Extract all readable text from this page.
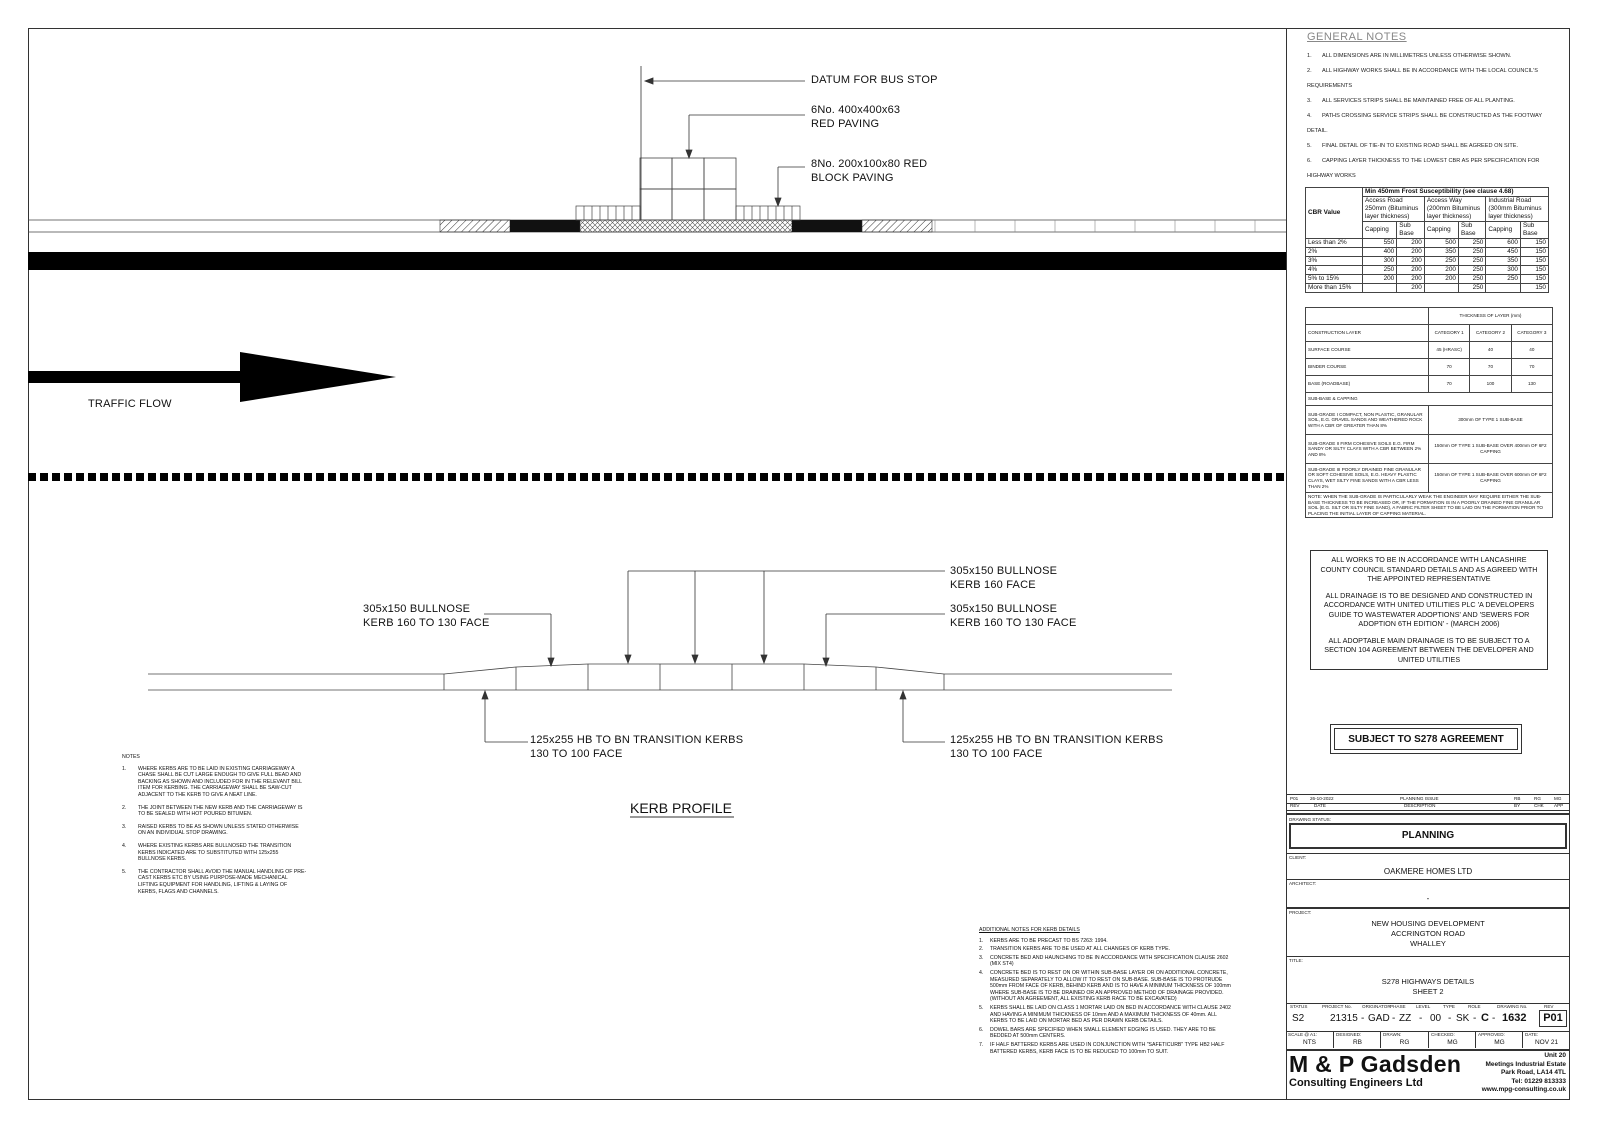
DATUM FOR BUS STOP
6No. 400x400x63
RED PAVING
8No. 200x100x80 RED
BLOCK PAVING
TRAFFIC FLOW
305x150 BULLNOSE
KERB 160 FACE
305x150 BULLNOSE
KERB 160 TO 130 FACE
305x150 BULLNOSE
KERB 160 TO 130 FACE
125x255 HB TO BN TRANSITION KERBS
130 TO 100 FACE
125x255 HB TO BN TRANSITION KERBS
130 TO 100 FACE
KERB PROFILE
NOTES
1.	WHERE KERBS ARE TO BE LAID IN EXISTING CARRIAGEWAY A CHASE SHALL BE CUT LARGE ENOUGH TO GIVE FULL BEAD AND BACKING AS SHOWN AND INCLUDED FOR IN THE RELEVANT BILL ITEM FOR KERBING. THE CARRIAGEWAY SHALL BE SAW-CUT ADJACENT TO THE KERB TO GIVE A NEAT LINE.
2.	THE JOINT BETWEEN THE NEW KERB AND THE CARRIAGEWAY IS TO BE SEALED WITH HOT POURED BITUMEN.
3.	RAISED KERBS TO BE AS SHOWN UNLESS STATED OTHERWISE ON AN INDIVIDUAL STOP DRAWING.
4.	WHERE EXISTING KERBS ARE BULLNOSED THE TRANSITION KERBS INDICATED ARE TO SUBSTITUTED WITH 125x255 BULLNOSE KERBS.
5.	THE CONTRACTOR SHALL AVOID THE MANUAL HANDLING OF PRE-CAST KERBS ETC BY USING PURPOSE-MADE MECHANICAL LIFTING EQUIPMENT FOR HANDLING, LIFTING & LAYING OF KERBS, FLAGS AND CHANNELS.
ADDITIONAL NOTES FOR KERB DETAILS
1.	KERBS ARE TO BE PRECAST TO BS 7263: 1994.
2.	TRANSITION KERBS ARE TO BE USED AT ALL CHANGES OF KERB TYPE.
3.	CONCRETE BED AND HAUNCHING TO BE IN ACCORDANCE WITH SPECIFICATION CLAUSE 2602 (MIX ST4)
4.	CONCRETE BED IS TO REST ON OR WITHIN SUB-BASE LAYER OR ON ADDITIONAL CONCRETE, MEASURED SEPARATELY TO ALLOW IT TO REST ON SUB-BASE. SUB-BASE IS TO PROTRUDE 500mm FROM FACE OF KERB, BEHIND KERB AND IS TO HAVE A MINIMUM THICKNESS OF 100mm WHERE SUB-BASE IS TO BE DRAINED OR AN APPROVED METHOD OF DRAINAGE PROVIDED. (WITHOUT AN AGREEMENT, ALL EXISTING KERB RACE TO BE EXCAVATED)
5.	KERBS SHALL BE LAID ON CLASS 1 MORTAR LAID ON BED IN ACCORDANCE WITH CLAUSE 2402 AND HAVING A MINIMUM THICKNESS OF 10mm AND A MAXIMUM THICKNESS OF 40mm. ALL KERBS TO BE LAID ON MORTAR BED AS PER DRAWN KERB DETAILS.
6.	DOWEL BARS ARE SPECIFIED WHEN SMALL ELEMENT EDGING IS USED. THEY ARE TO BE BEDDED AT 500mm CENTERS.
7.	IF HALF BATTERED KERBS ARE USED IN CONJUNCTION WITH "SAFETICURB" TYPE HB2 HALF BATTERED KERBS, KERB FACE IS TO BE REDUCED TO 100mm TO SUIT.
GENERAL NOTES
1. ALL DIMENSIONS ARE IN MILLIMETRES UNLESS OTHERWISE SHOWN.
2. ALL HIGHWAY WORKS SHALL BE IN ACCORDANCE WITH THE LOCAL COUNCIL'S REQUIREMENTS
3. ALL SERVICES STRIPS SHALL BE MAINTAINED FREE OF ALL PLANTING.
4. PATHS CROSSING SERVICE STRIPS SHALL BE CONSTRUCTED AS THE FOOTWAY DETAIL.
5. FINAL DETAIL OF TIE-IN TO EXISTING ROAD SHALL BE AGREED ON SITE.
6. CAPPING LAYER THICKNESS TO THE LOWEST CBR AS PER SPECIFICATION FOR HIGHWAY WORKS
CBR Value	Min 450mm Frost Susceptibility (see clause 4.68)					
	Access Road 250mm (Bituminus layer thickness)		Access Way (200mm Bituminus layer thickness)		Industrial Road (300mm Bituminus layer thickness)	
	Capping	Sub Base	Capping	Sub Base	Capping	Sub Base
Less than 2%	550	200	500	250	600	150
2%	400	200	350	250	450	150
3%	300	200	250	250	350	150
4%	250	200	200	250	300	150
5% to 15%	200	200	200	250	250	150
More than 15%		200		250		150
	THICKNESS OF LAYER (mm)		
CONSTRUCTION LAYER	CATEGORY 1	CATEGORY 2	CATEGORY 3
SURFACE COURSE	45 (HRASC)	40	40
BINDER COURSE	70	70	70
BASE (ROADBASE)	70	100	130
SUB-BASE & CAPPING			
SUB-GRADE I COMPACT, NON PLASTIC, GRANULAR SOIL, E.G. GRAVEL SANDS AND WEATHERED ROCK WITH A CBR OF GREATER THAN 8%	300mm OF TYPE 1 SUB-BASE		
SUB-GRADE II FIRM COHESIVE SOILS E.G. FIRM SANDY OR SILTY CLAYS WITH A CBR BETWEEN 2% AND 8%	150mm OF TYPE 1 SUB-BASE OVER 400mm OF 6F2 CAPPING		
SUB-GRADE III POORLY DRAINED FINE GRANULAR OR SOFT COHESIVE SOILS, E.G. HEAVY PLASTIC CLAYS, WET SILTY FINE SANDS WITH A CBR LESS THAN 2%	150mm OF TYPE 1 SUB-BASE OVER 600mm OF 6F2 CAPPING		
NOTE: WHEN THE SUB-GRADE IS PARTICULARLY WEAK THE ENGINEER MAY REQUIRE EITHER THE SUB-BASE THICKNESS TO BE INCREASED OR, IF THE FORMATION IS IN A POORLY DRAINED FINE GRANULAR SOIL (E.G. SILT OR SILTY FINE SAND), A FABRIC FILTER SHEET TO BE LAID ON THE FORMATION PRIOR TO PLACING THE INITIAL LAYER OF CAPPING MATERIAL.			
ALL WORKS TO BE IN ACCORDANCE WITH LANCASHIRE COUNTY COUNCIL STANDARD DETAILS AND AS AGREED WITH THE APPOINTED REPRESENTATIVE
ALL DRAINAGE IS TO BE DESIGNED AND CONSTRUCTED IN ACCORDANCE WITH UNITED UTILITIES PLC 'A DEVELOPERS GUIDE TO WASTEWATER ADOPTIONS' AND 'SEWERS FOR ADOPTION 6TH EDITION' - (MARCH 2006)
ALL ADOPTABLE MAIN DRAINAGE IS TO BE SUBJECT TO A SECTION 104 AGREEMENT BETWEEN THE DEVELOPER AND UNITED UTILITIES
SUBJECT TO S278 AGREEMENT
P01	26-10-2022	PLANNING ISSUE	RB	RG	MG
REV	DATE	DESCRIPTION	BY	CHK APP
DRAWING STATUS:
PLANNING
CLIENT:
OAKMERE HOMES LTD
ARCHITECT:
-
PROJECT:
NEW HOUSING DEVELOPMENT
ACCRINGTON ROAD
WHALLEY
TITLE:
S278 HIGHWAYS DETAILS
SHEET 2
STATUS	PROJECT No. ORIGINATOR PHASE LEVEL	TYPE	ROLE	DRAWING No.	REV
S2	21315 - GAD - ZZ - 00 - SK - C - 1632	P01
SCALE @ A1:
NTS
DESIGNED:
RB
DRAWN:
RG
CHECKED:
MG
APPROVED:
MG
DATE:
NOV 21
M & P Gadsden
Consulting Engineers Ltd
Unit 20
Meetings Industrial Estate
Park Road, LA14 4TL
Tel: 01229 813333
www.mpg-consulting.co.uk
